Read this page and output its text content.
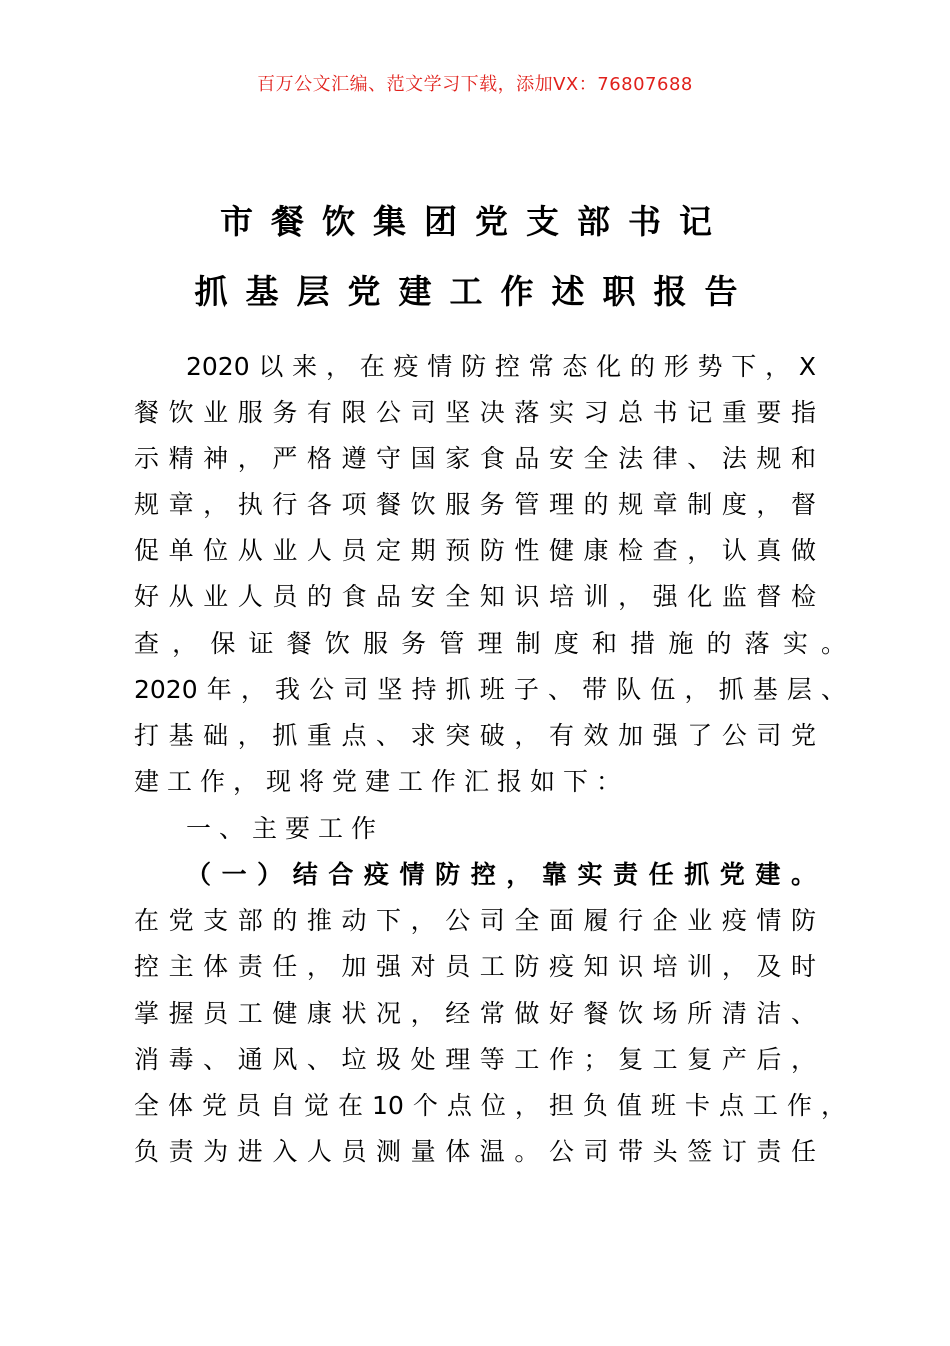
百万公文汇编、范文学习下载，添加VX：76807688
市餐饮集团党支部书记
抓基层党建工作述职报告
2020以来，在疫情防控常态化的形势下，X
餐饮业服务有限公司坚决落实习总书记重要指
示精神，严格遵守国家食品安全法律、法规和
规章，执行各项餐饮服务管理的规章制度，督
促单位从业人员定期预防性健康检查，认真做
好从业人员的食品安全知识培训，强化监督检
查，保证餐饮服务管理制度和措施的落实。
2020年，我公司坚持抓班子、带队伍，抓基层、
打基础，抓重点、求突破，有效加强了公司党
建工作，现将党建工作汇报如下：
一、主要工作
（一）结合疫情防控，靠实责任抓党建。
在党支部的推动下，公司全面履行企业疫情防
控主体责任，加强对员工防疫知识培训，及时
掌握员工健康状况，经常做好餐饮场所清洁、
消毒、通风、垃圾处理等工作；复工复产后，
全体党员自觉在10个点位，担负值班卡点工作，
负责为进入人员测量体温。公司带头签订责任
